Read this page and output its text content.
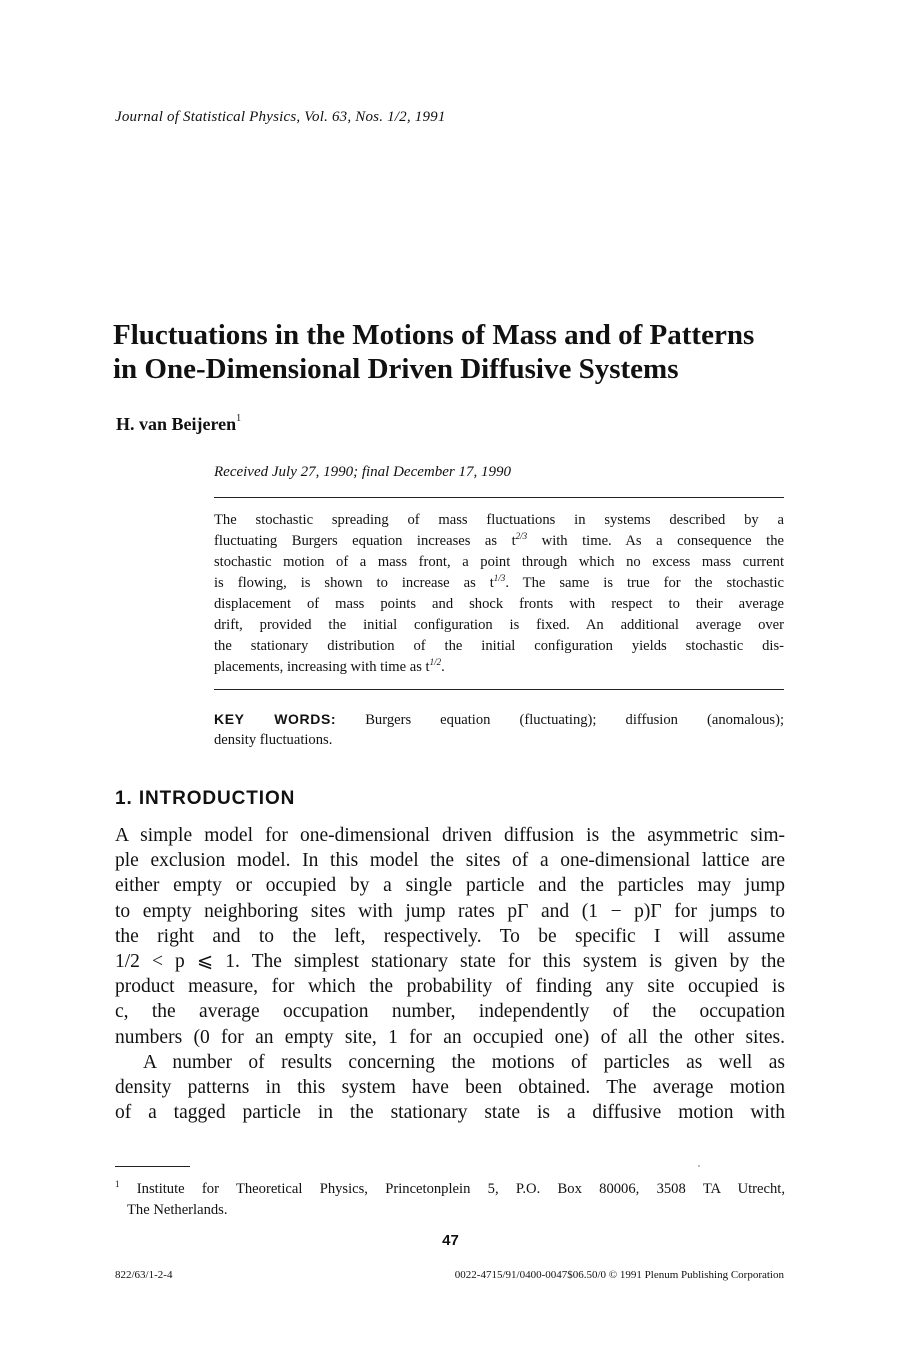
Journal of Statistical Physics, Vol. 63, Nos. 1/2, 1991
Fluctuations in the Motions of Mass and of Patterns
in One-Dimensional Driven Diffusive Systems
H. van Beijeren$^1$
Received July 27, 1990; final December 17, 1990
The stochastic spreading of mass fluctuations in systems described by a
fluctuating Burgers equation increases as $t^{2/3}$ with time. As a consequence the
stochastic motion of a mass front, a point through which no excess mass current
is flowing, is shown to increase as $t^{1/3}$. The same is true for the stochastic
displacement of mass points and shock fronts with respect to their average
drift, provided the initial configuration is fixed. An additional average over
the stationary distribution of the initial configuration yields stochastic dis-
placements, increasing with time as $t^{1/2}$.
KEY WORDS: Burgers equation (fluctuating); diffusion (anomalous);
density fluctuations.
1. INTRODUCTION
A simple model for one-dimensional driven diffusion is the asymmetric sim-
ple exclusion model. In this model the sites of a one-dimensional lattice are
either empty or occupied by a single particle and the particles may jump
to empty neighboring sites with jump rates pΓ and (1 − p)Γ for jumps to
the right and to the left, respectively. To be specific I will assume
1/2 < p ⩽ 1. The simplest stationary state for this system is given by the
product measure, for which the probability of finding any site occupied is
c, the average occupation number, independently of the occupation
numbers (0 for an empty site, 1 for an occupied one) of all the other sites.
A number of results concerning the motions of particles as well as
density patterns in this system have been obtained. The average motion
of a tagged particle in the stationary state is a diffusive motion with
$^1$ Institute for Theoretical Physics, Princetonplein 5, P.O. Box 80006, 3508 TA Utrecht,
The Netherlands.
47
822/63/1-2-4	0022-4715/91/0400-0047$06.50/0 © 1991 Plenum Publishing Corporation
